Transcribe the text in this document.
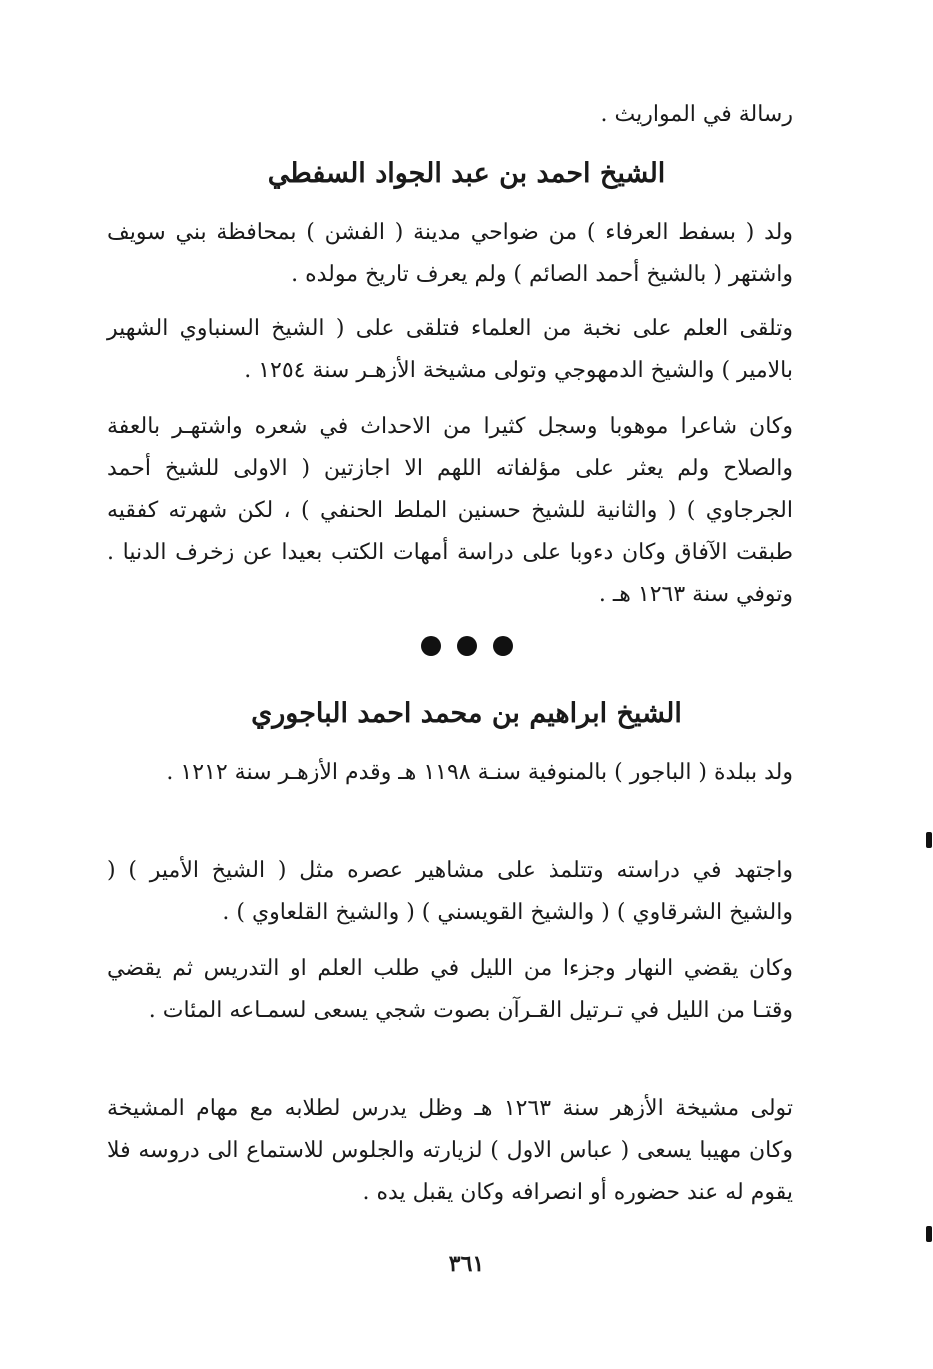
رسالة في المواريث .
الشيخ احمد بن عبد الجواد السفطي
ولد ( بسفط العرفاء ) من ضواحي مدينة ( الفشن ) بمحافظة بني سويف واشتهر ( بالشيخ أحمد الصائم ) ولم يعرف تاريخ مولده .
وتلقى العلم على نخبة من العلماء فتلقى على ( الشيخ السنباوي الشهير بالامير ) والشيخ الدمهوجي وتولى مشيخة الأزهـر سنة ١٢٥٤ .
وكان شاعرا موهوبا وسجل كثيرا من الاحداث في شعره واشتهـر بالعفة والصلاح ولم يعثر على مؤلفاته اللهم الا اجازتين ( الاولى للشيخ أحمد الجرجاوي ) ( والثانية للشيخ حسنين الملط الحنفي ) ، لكن شهرته كفقيه طبقت الآفاق وكان دءوبا على دراسة أمهات الكتب بعيدا عن زخرف الدنيا . وتوفي سنة ١٢٦٣ هـ .
الشيخ ابراهيم بن محمد احمد الباجوري
ولد ببلدة ( الباجور ) بالمنوفية سنـة ١١٩٨ هـ وقدم الأزهـر سنة ١٢١٢ .
واجتهد في دراسته وتتلمذ على مشاهير عصره مثل ( الشيخ الأمير ) ( والشيخ الشرقاوي ) ( والشيخ القويسني ) ( والشيخ القلعاوي ) .
وكان يقضي النهار وجزءا من الليل في طلب العلم او التدريس ثم يقضي وقتـا من الليل في تـرتيل القـرآن بصوت شجي يسعى لسمـاعه المئات .
تولى مشيخة الأزهر سنة ١٢٦٣ هـ وظل يدرس لطلابه مع مهام المشيخة وكان مهيبا يسعى ( عباس الاول ) لزيارته والجلوس للاستماع الى دروسه فلا يقوم له عند حضوره أو انصرافه وكان يقبل يده .
٣٦١
